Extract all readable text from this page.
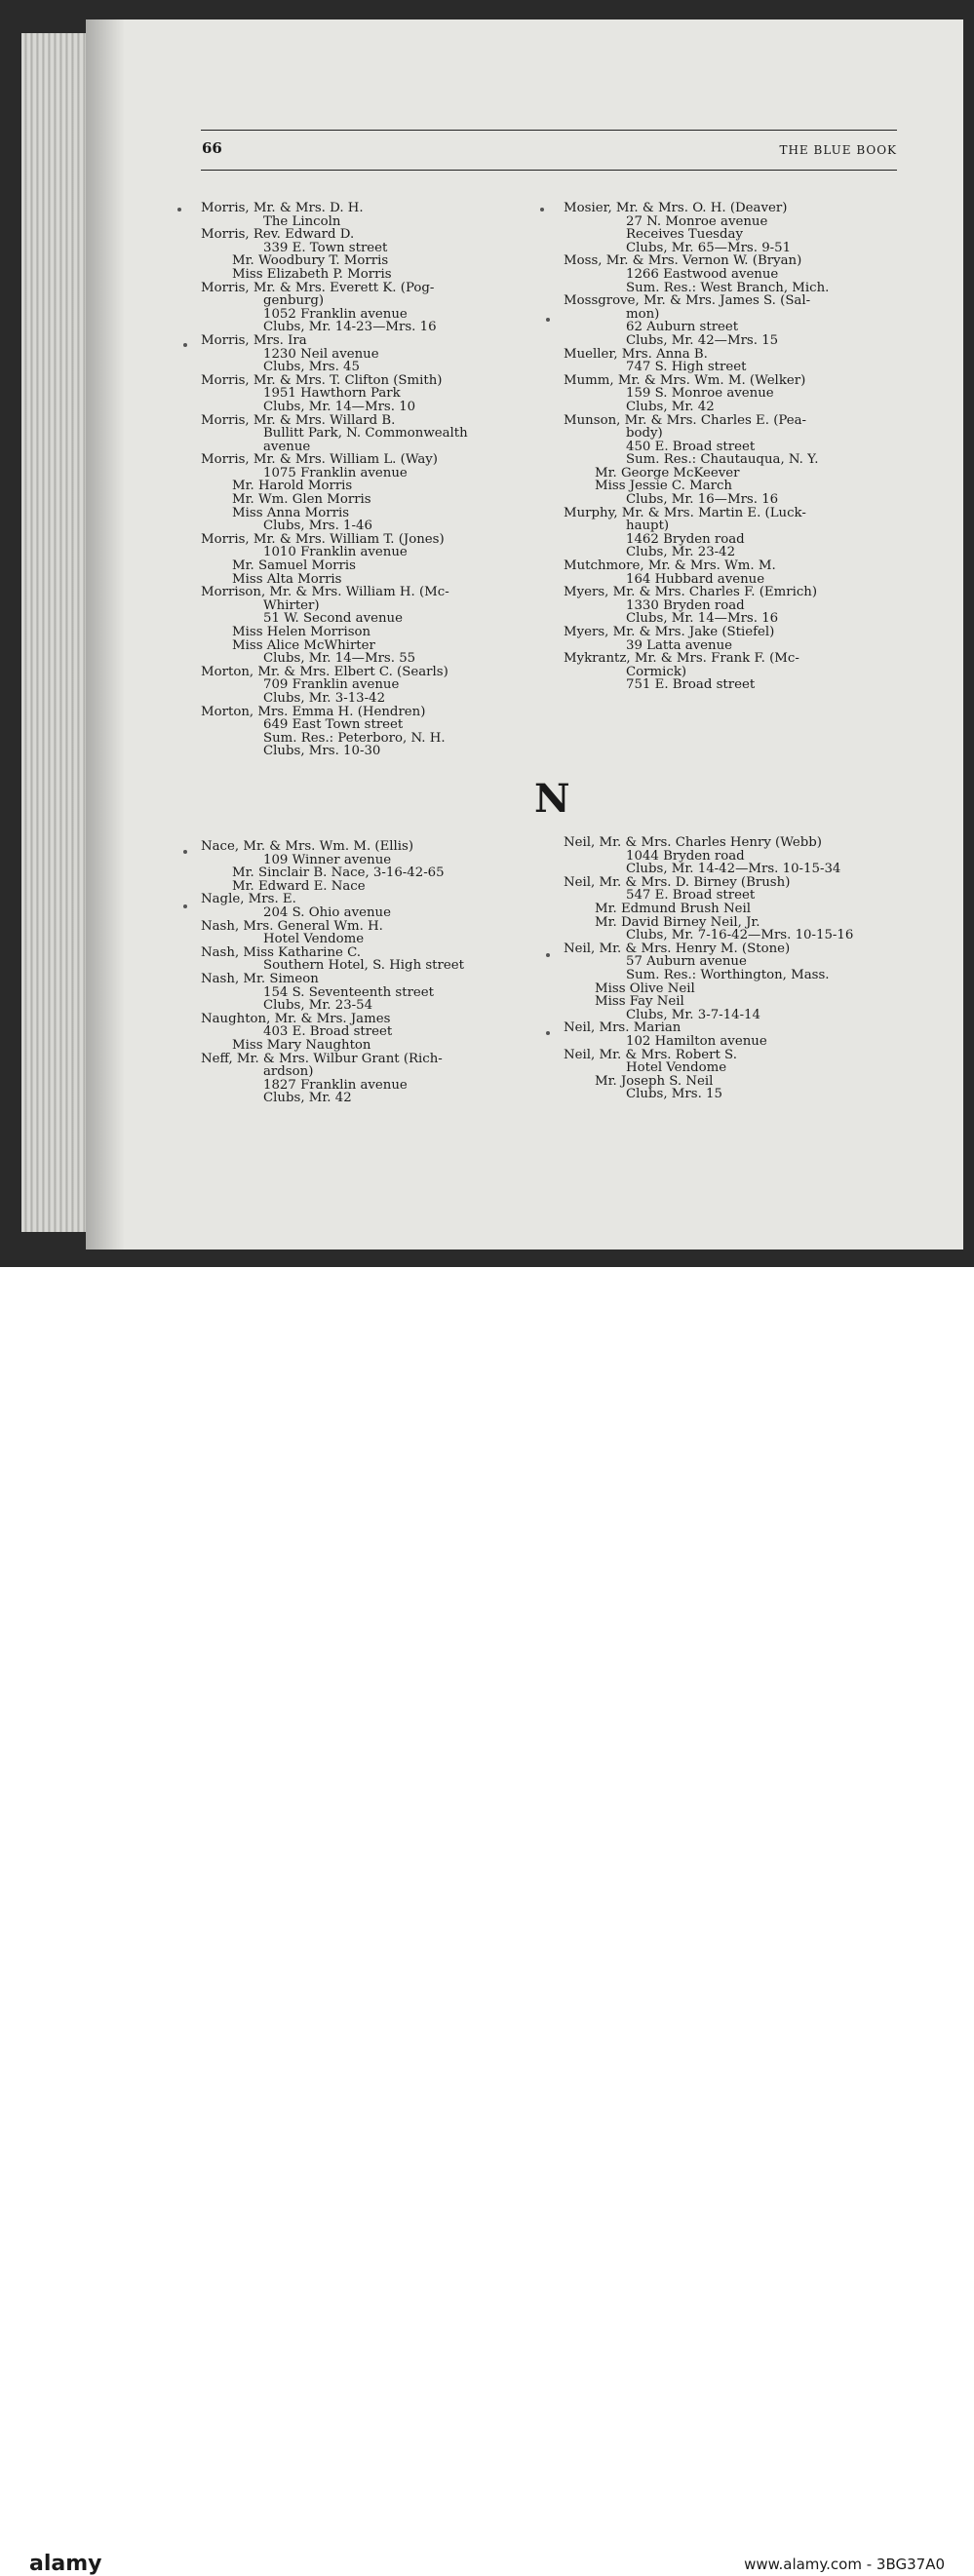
66	THE BLUE BOOK
Morris, Mr. & Mrs. D. H.
The Lincoln
Morris, Rev. Edward D.
339 E. Town street
Mr. Woodbury T. Morris
Miss Elizabeth P. Morris
Morris, Mr. & Mrs. Everett K. (Pog-
genburg)
1052 Franklin avenue
Clubs, Mr. 14-23—Mrs. 16
Morris, Mrs. Ira
1230 Neil avenue
Clubs, Mrs. 45
Morris, Mr. & Mrs. T. Clifton (Smith)
1951 Hawthorn Park
Clubs, Mr. 14—Mrs. 10
Morris, Mr. & Mrs. Willard B.
Bullitt Park, N. Commonwealth
avenue
Morris, Mr. & Mrs. William L. (Way)
1075 Franklin avenue
Mr. Harold Morris
Mr. Wm. Glen Morris
Miss Anna Morris
Clubs, Mrs. 1-46
Morris, Mr. & Mrs. William T. (Jones)
1010 Franklin avenue
Mr. Samuel Morris
Miss Alta Morris
Morrison, Mr. & Mrs. William H. (Mc-
Whirter)
51 W. Second avenue
Miss Helen Morrison
Miss Alice McWhirter
Clubs, Mr. 14—Mrs. 55
Morton, Mr. & Mrs. Elbert C. (Searls)
709 Franklin avenue
Clubs, Mr. 3-13-42
Morton, Mrs. Emma H. (Hendren)
649 East Town street
Sum. Res.: Peterboro, N. H.
Clubs, Mrs. 10-30
Mosier, Mr. & Mrs. O. H. (Deaver)
27 N. Monroe avenue
Receives Tuesday
Clubs, Mr. 65—Mrs. 9-51
Moss, Mr. & Mrs. Vernon W. (Bryan)
1266 Eastwood avenue
Sum. Res.: West Branch, Mich.
Mossgrove, Mr. & Mrs. James S. (Sal-
mon)
62 Auburn street
Clubs, Mr. 42—Mrs. 15
Mueller, Mrs. Anna B.
747 S. High street
Mumm, Mr. & Mrs. Wm. M. (Welker)
159 S. Monroe avenue
Clubs, Mr. 42
Munson, Mr. & Mrs. Charles E. (Pea-
body)
450 E. Broad street
Sum. Res.: Chautauqua, N. Y.
Mr. George McKeever
Miss Jessie C. March
Clubs, Mr. 16—Mrs. 16
Murphy, Mr. & Mrs. Martin E. (Luck-
haupt)
1462 Bryden road
Clubs, Mr. 23-42
Mutchmore, Mr. & Mrs. Wm. M.
164 Hubbard avenue
Myers, Mr. & Mrs. Charles F. (Emrich)
1330 Bryden road
Clubs, Mr. 14—Mrs. 16
Myers, Mr. & Mrs. Jake (Stiefel)
39 Latta avenue
Mykrantz, Mr. & Mrs. Frank F. (Mc-
Cormick)
751 E. Broad street
N
Nace, Mr. & Mrs. Wm. M. (Ellis)
109 Winner avenue
Mr. Sinclair B. Nace, 3-16-42-65
Mr. Edward E. Nace
Nagle, Mrs. E.
204 S. Ohio avenue
Nash, Mrs. General Wm. H.
Hotel Vendome
Nash, Miss Katharine C.
Southern Hotel, S. High street
Nash, Mr. Simeon
154 S. Seventeenth street
Clubs, Mr. 23-54
Naughton, Mr. & Mrs. James
403 E. Broad street
Miss Mary Naughton
Neff, Mr. & Mrs. Wilbur Grant (Rich-
ardson)
1827 Franklin avenue
Clubs, Mr. 42
Neil, Mr. & Mrs. Charles Henry (Webb)
1044 Bryden road
Clubs, Mr. 14-42—Mrs. 10-15-34
Neil, Mr. & Mrs. D. Birney (Brush)
547 E. Broad street
Mr. Edmund Brush Neil
Mr. David Birney Neil, Jr.
Clubs, Mr. 7-16-42—Mrs. 10-15-16
Neil, Mr. & Mrs. Henry M. (Stone)
57 Auburn avenue
Sum. Res.: Worthington, Mass.
Miss Olive Neil
Miss Fay Neil
Clubs, Mr. 3-7-14-14
Neil, Mrs. Marian
102 Hamilton avenue
Neil, Mr. & Mrs. Robert S.
Hotel Vendome
Mr. Joseph S. Neil
Clubs, Mrs. 15
alamy	www.alamy.com - 3BG37A0
